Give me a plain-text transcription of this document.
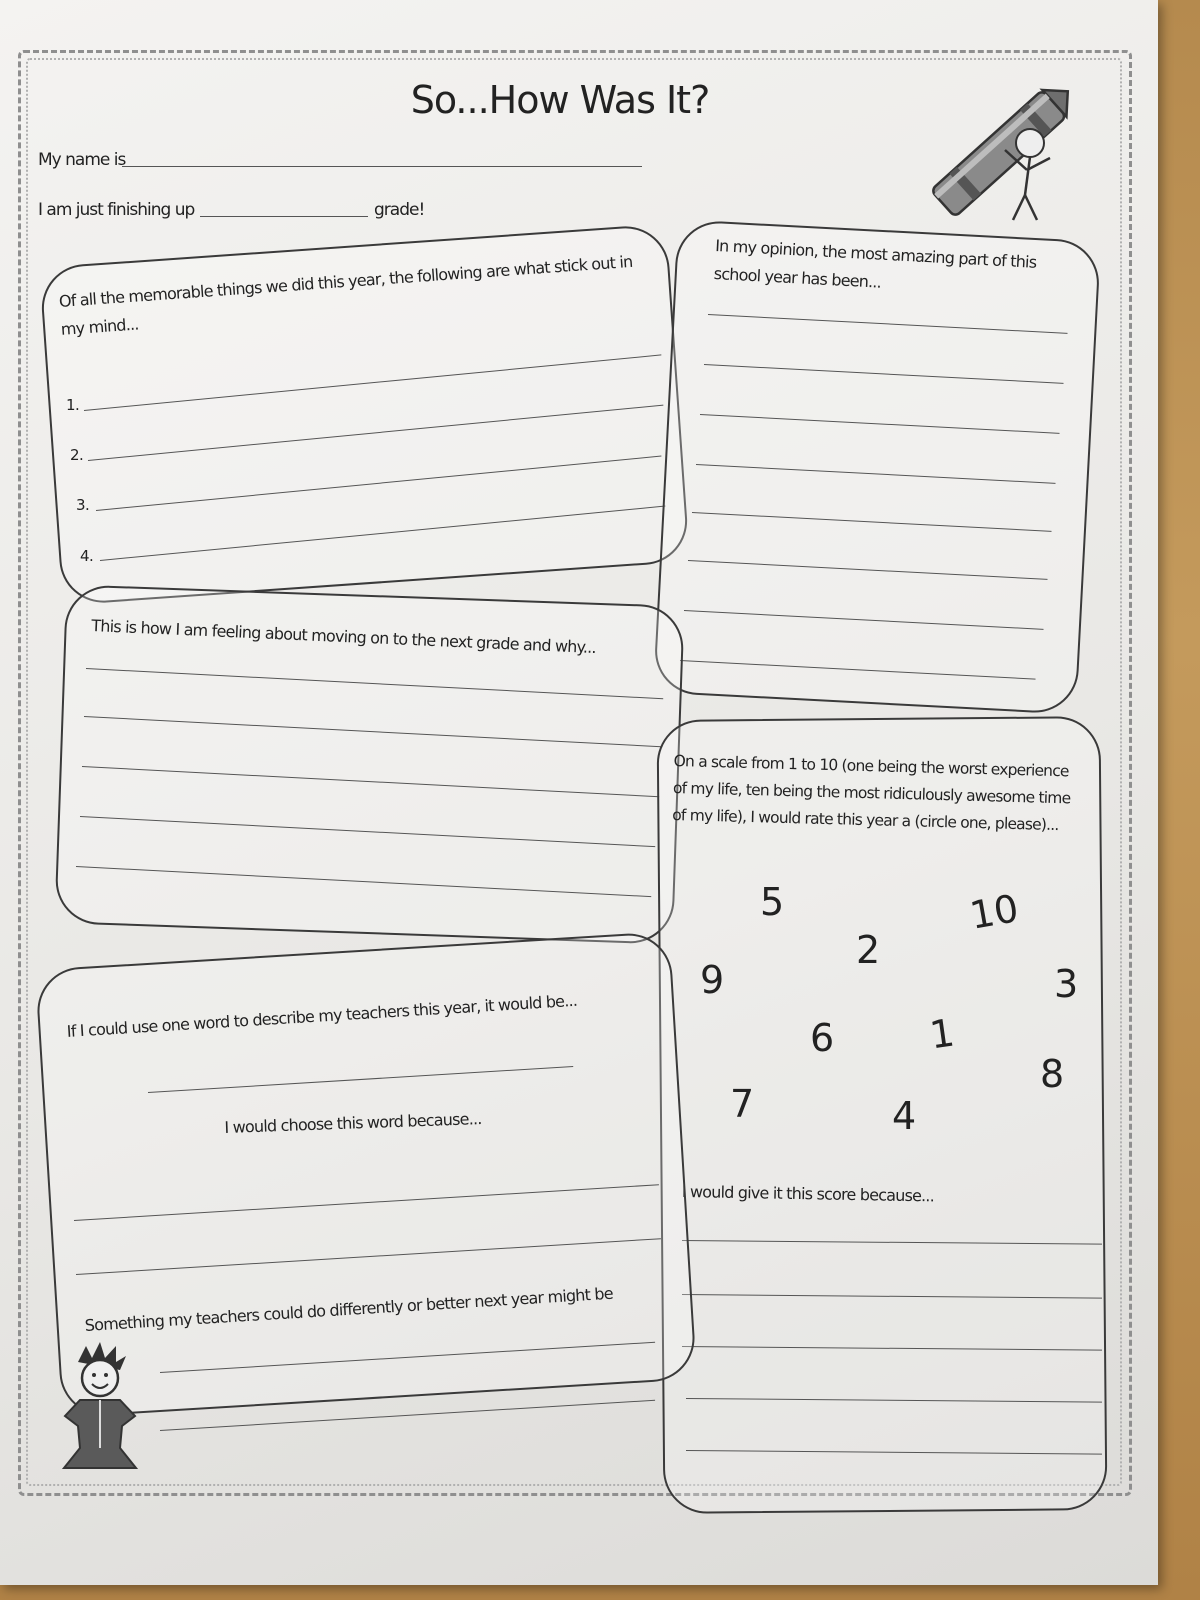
So...How Was It?
My name is
I am just finishing up	grade!
Of all the memorable things we did this year, the following are what stick out in my mind...
1.
2.
3.
4.
In my opinion, the most amazing part of this school year has been...
This is how I am feeling about moving on to the next grade and why...
On a scale from 1 to 10 (one being the worst experience of my life, ten being the most ridiculously awesome time of my life), I would rate this year a (circle one, please)...
5	10
2
9	3
6 1
8
7	4
I would give it this score because...
If I could use one word to describe my teachers this year, it would be...
I would choose this word because...
Something my teachers could do differently or better next year might be
